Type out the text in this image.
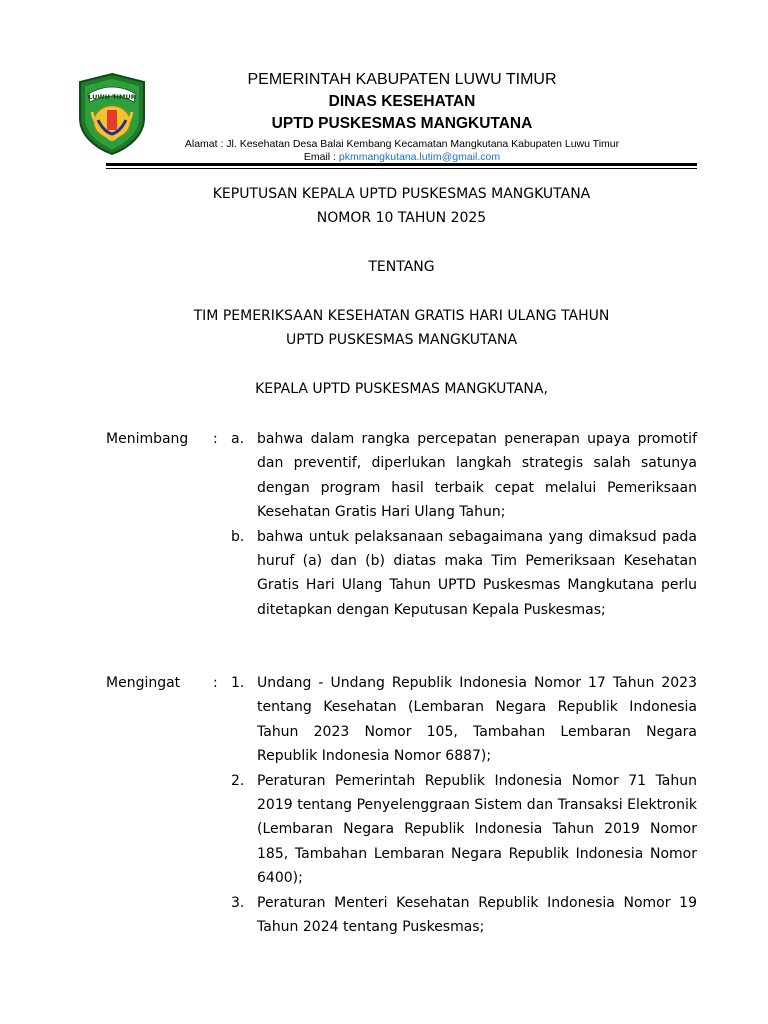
LUWU TIMUR
PEMERINTAH KABUPATEN LUWU TIMUR
DINAS KESEHATAN
UPTD PUSKESMAS MANGKUTANA
Alamat : Jl. Kesehatan Desa Balai Kembang Kecamatan Mangkutana Kabupaten Luwu Timur
Email : pkmmangkutana.lutim@gmail.com
KEPUTUSAN KEPALA UPTD PUSKESMAS MANGKUTANA
NOMOR 10 TAHUN 2025
TENTANG
TIM PEMERIKSAAN KESEHATAN GRATIS HARI ULANG TAHUN
UPTD PUSKESMAS MANGKUTANA
KEPALA UPTD PUSKESMAS MANGKUTANA,
Menimbang : a. bahwa dalam rangka percepatan penerapan upaya promotif dan preventif, diperlukan langkah strategis salah satunya dengan program hasil terbaik cepat melalui Pemeriksaan Kesehatan Gratis Hari Ulang Tahun;
b. bahwa untuk pelaksanaan sebagaimana yang dimaksud pada huruf (a) dan (b) diatas maka Tim Pemeriksaan Kesehatan Gratis Hari Ulang Tahun UPTD Puskesmas Mangkutana perlu ditetapkan dengan Keputusan Kepala Puskesmas;
Mengingat : 1. Undang - Undang Republik Indonesia Nomor 17 Tahun 2023 tentang Kesehatan (Lembaran Negara Republik Indonesia Tahun 2023 Nomor 105, Tambahan Lembaran Negara Republik Indonesia Nomor 6887);
2. Peraturan Pemerintah Republik Indonesia Nomor 71 Tahun 2019 tentang Penyelenggraan Sistem dan Transaksi Elektronik (Lembaran Negara Republik Indonesia Tahun 2019 Nomor 185, Tambahan Lembaran Negara Republik Indonesia Nomor 6400);
3. Peraturan Menteri Kesehatan Republik Indonesia Nomor 19 Tahun 2024 tentang Puskesmas;
